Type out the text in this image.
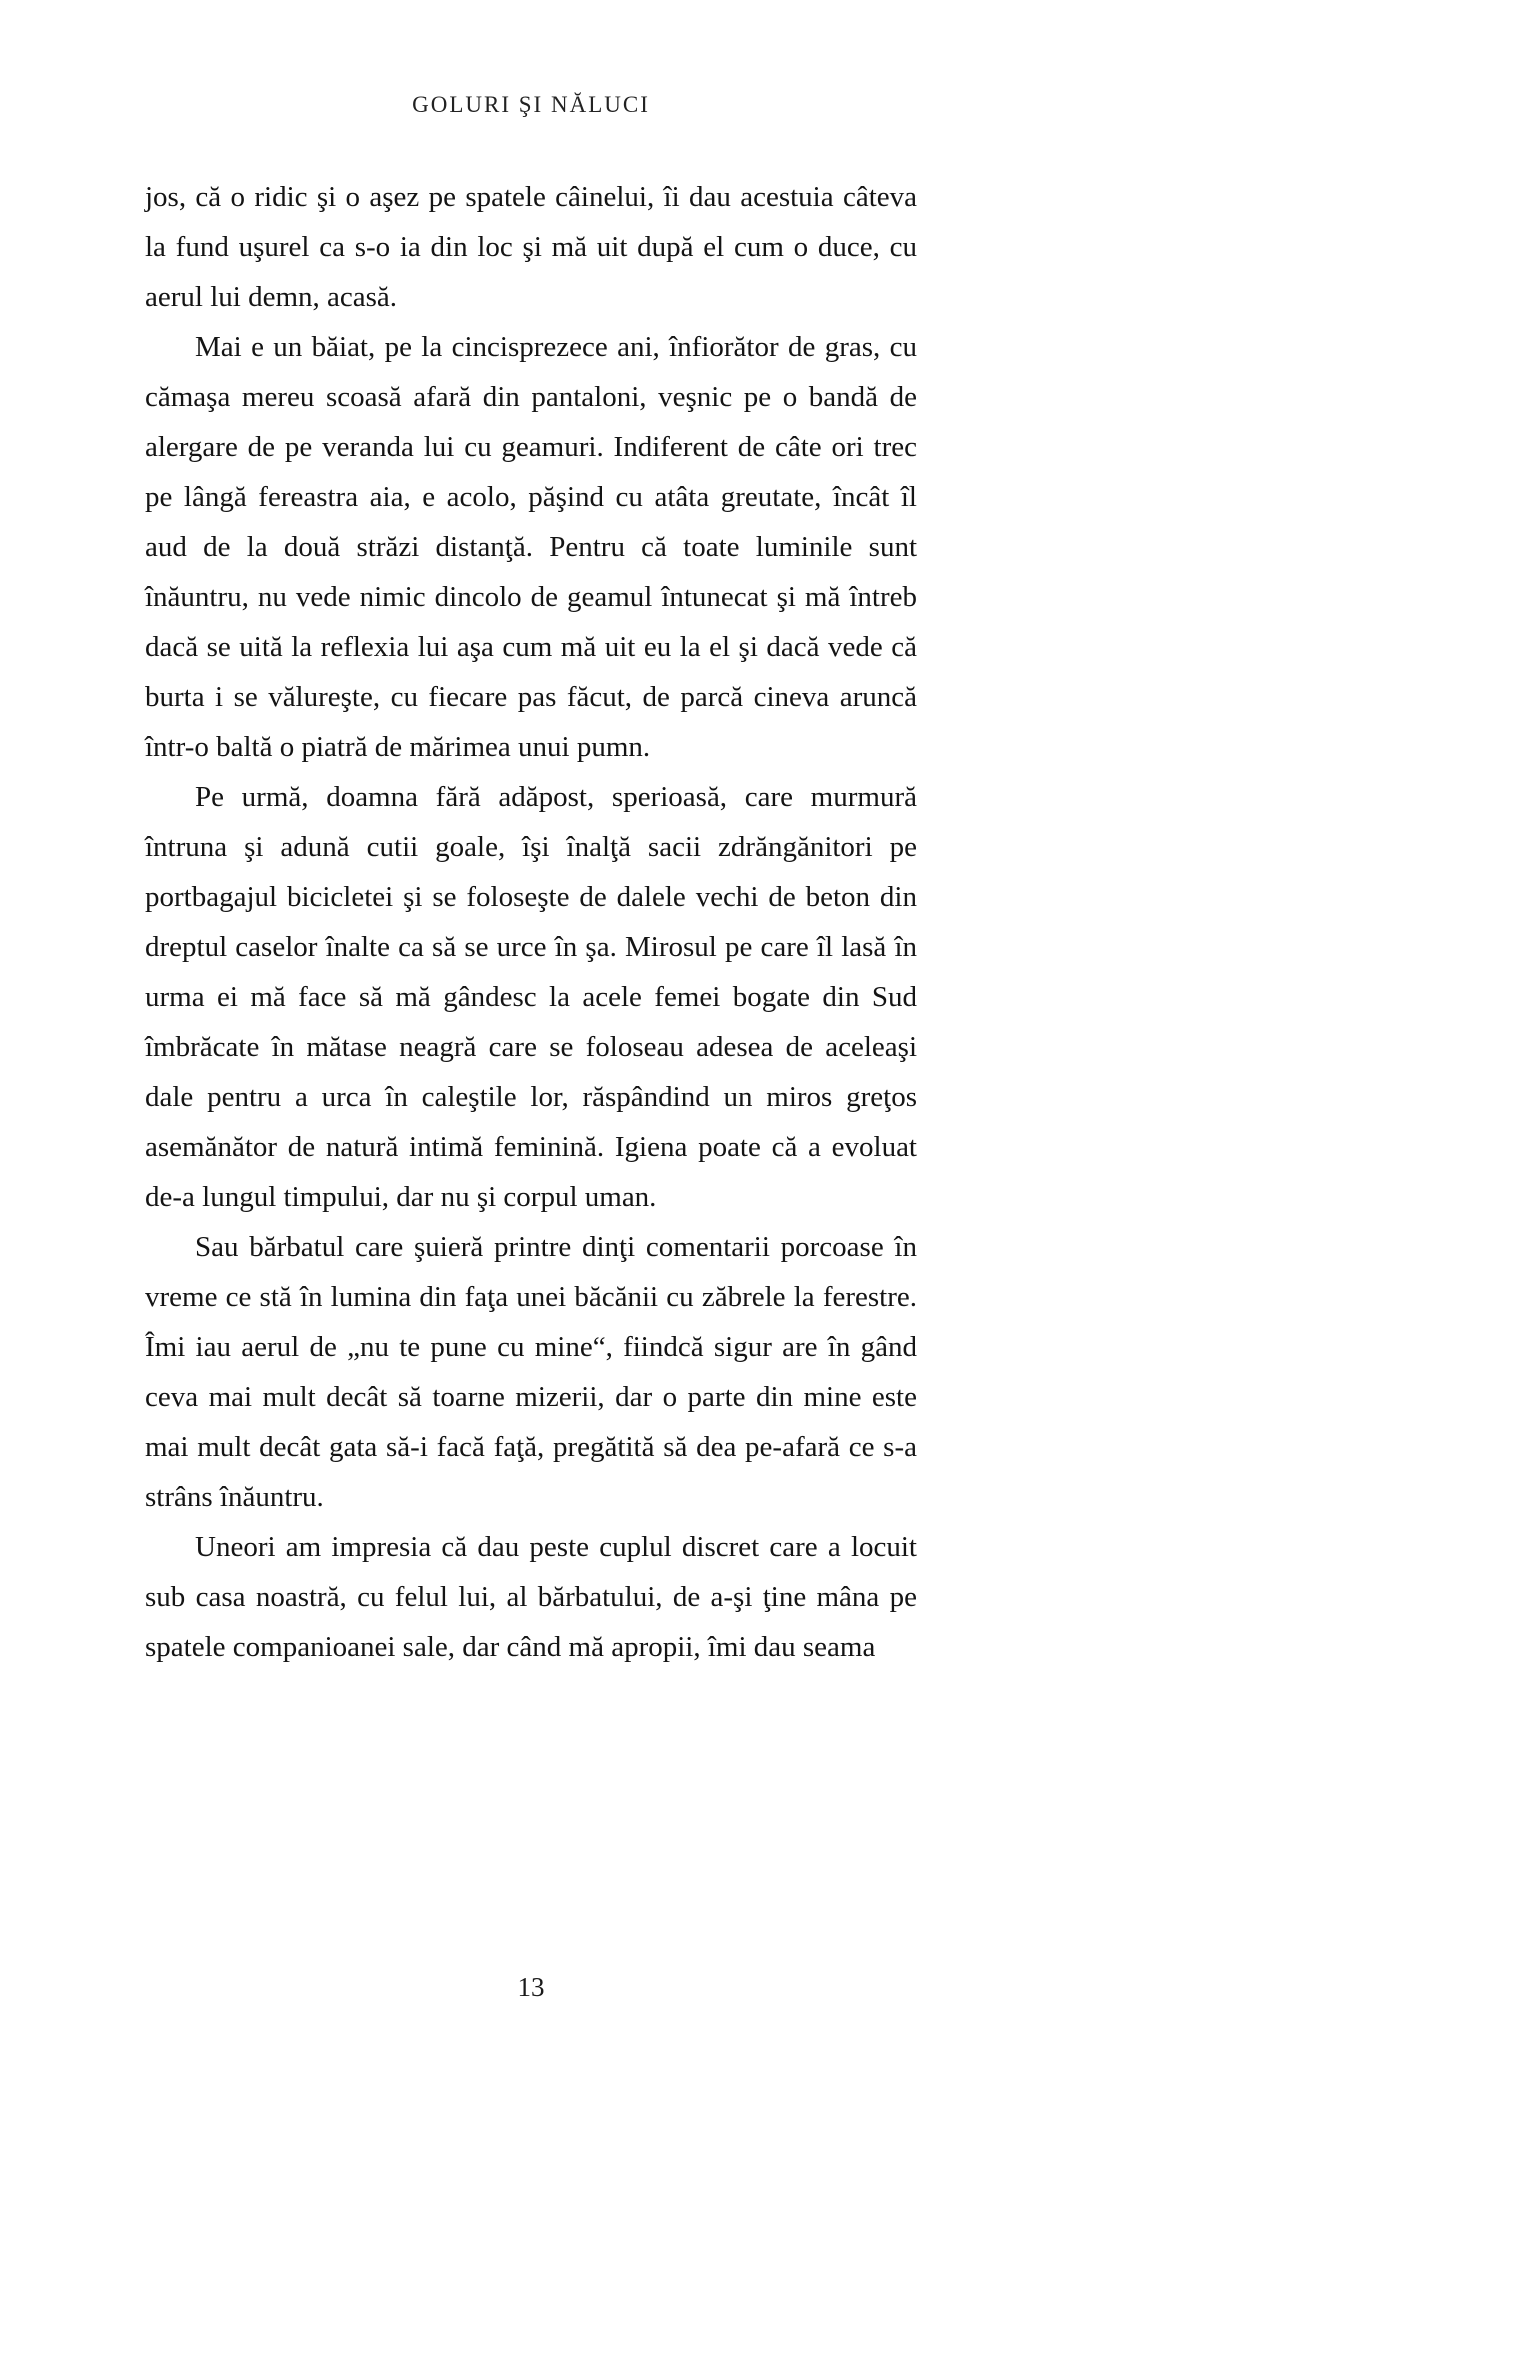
GOLURI ŞI NĂLUCI

jos, că o ridic şi o aşez pe spatele câinelui, îi dau acestuia câteva la fund uşurel ca s-o ia din loc şi mă uit după el cum o duce, cu aerul lui demn, acasă.

Mai e un băiat, pe la cincisprezece ani, înfiorător de gras, cu cămaşa mereu scoasă afară din pantaloni, veşnic pe o bandă de alergare de pe veranda lui cu geamuri. Indiferent de câte ori trec pe lângă fereastra aia, e acolo, păşind cu atâta greutate, încât îl aud de la două străzi distanţă. Pentru că toate luminile sunt înăuntru, nu vede nimic dincolo de geamul întunecat şi mă întreb dacă se uită la reflexia lui aşa cum mă uit eu la el şi dacă vede că burta i se vălureşte, cu fiecare pas făcut, de parcă cineva aruncă într-o baltă o piatră de mărimea unui pumn.

Pe urmă, doamna fără adăpost, sperioasă, care murmură întruna şi adună cutii goale, îşi înalţă sacii zdrăngănitori pe portbagajul bicicletei şi se foloseşte de dalele vechi de beton din dreptul caselor înalte ca să se urce în şa. Mirosul pe care îl lasă în urma ei mă face să mă gândesc la acele femei bogate din Sud îmbrăcate în mătase neagră care se foloseau adesea de aceleaşi dale pentru a urca în caleştile lor, răspândind un miros greţos asemănător de natură intimă feminină. Igiena poate că a evoluat de-a lungul timpului, dar nu şi corpul uman.

Sau bărbatul care şuieră printre dinţi comentarii porcoase în vreme ce stă în lumina din faţa unei băcănii cu zăbrele la ferestre. Îmi iau aerul de „nu te pune cu mine“, fiindcă sigur are în gând ceva mai mult decât să toarne mizerii, dar o parte din mine este mai mult decât gata să-i facă faţă, pregătită să dea pe-afară ce s-a strâns înăuntru.

Uneori am impresia că dau peste cuplul discret care a locuit sub casa noastră, cu felul lui, al bărbatului, de a-şi ţine mâna pe spatele companioanei sale, dar când mă apropii, îmi dau seama

13
